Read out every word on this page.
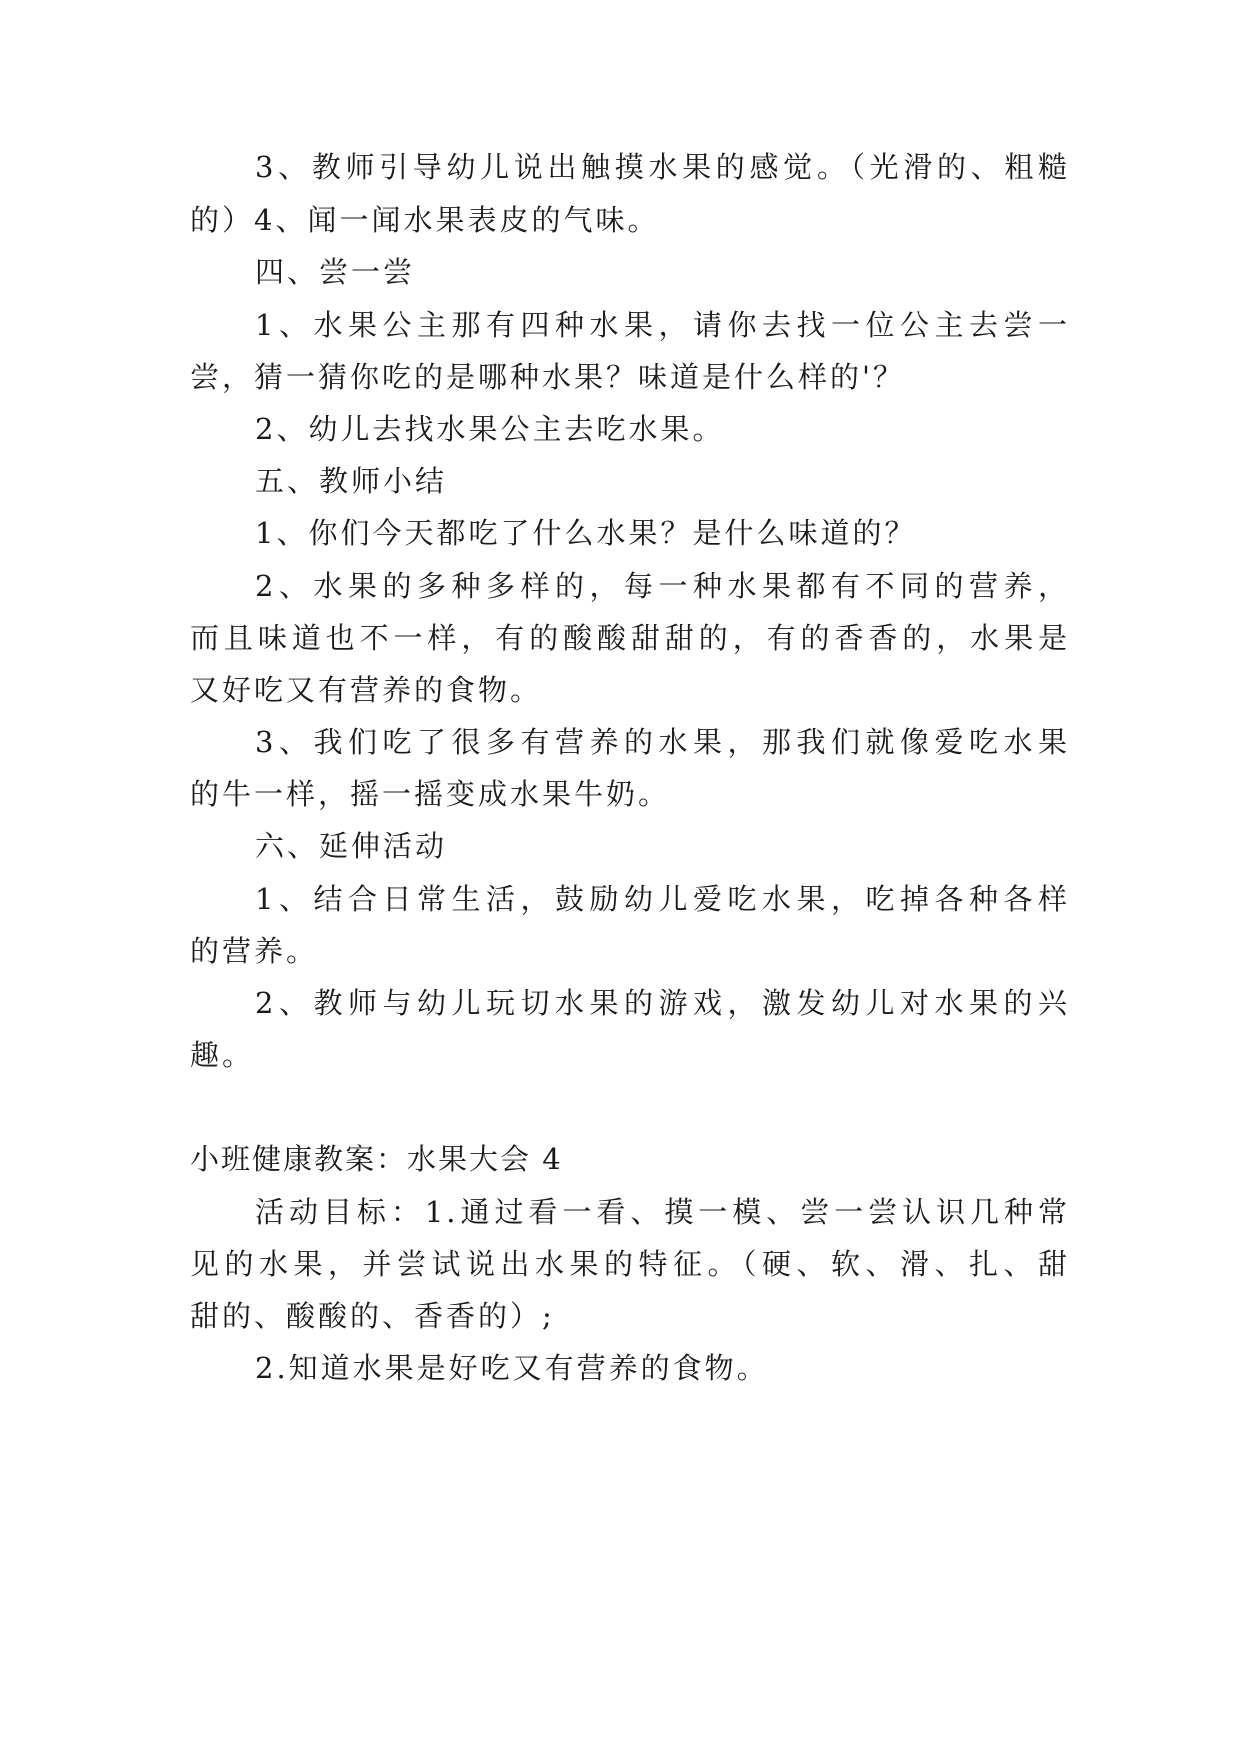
3、教师引导幼儿说出触摸水果的感觉。（光滑的、粗糙
的）4、闻一闻水果表皮的气味。
四、尝一尝
1、水果公主那有四种水果，请你去找一位公主去尝一
尝，猜一猜你吃的是哪种水果？味道是什么样的'？
2、幼儿去找水果公主去吃水果。
五、教师小结
1、你们今天都吃了什么水果？是什么味道的？
2、水果的多种多样的，每一种水果都有不同的营养，
而且味道也不一样，有的酸酸甜甜的，有的香香的，水果是
又好吃又有营养的食物。
3、我们吃了很多有营养的水果，那我们就像爱吃水果
的牛一样，摇一摇变成水果牛奶。
六、延伸活动
1、结合日常生活，鼓励幼儿爱吃水果，吃掉各种各样
的营养。
2、教师与幼儿玩切水果的游戏，激发幼儿对水果的兴
趣。
小班健康教案：水果大会 4
活动目标：1.通过看一看、摸一模、尝一尝认识几种常
见的水果，并尝试说出水果的特征。（硬、软、滑、扎、甜
甜的、酸酸的、香香的）;
2.知道水果是好吃又有营养的食物。
